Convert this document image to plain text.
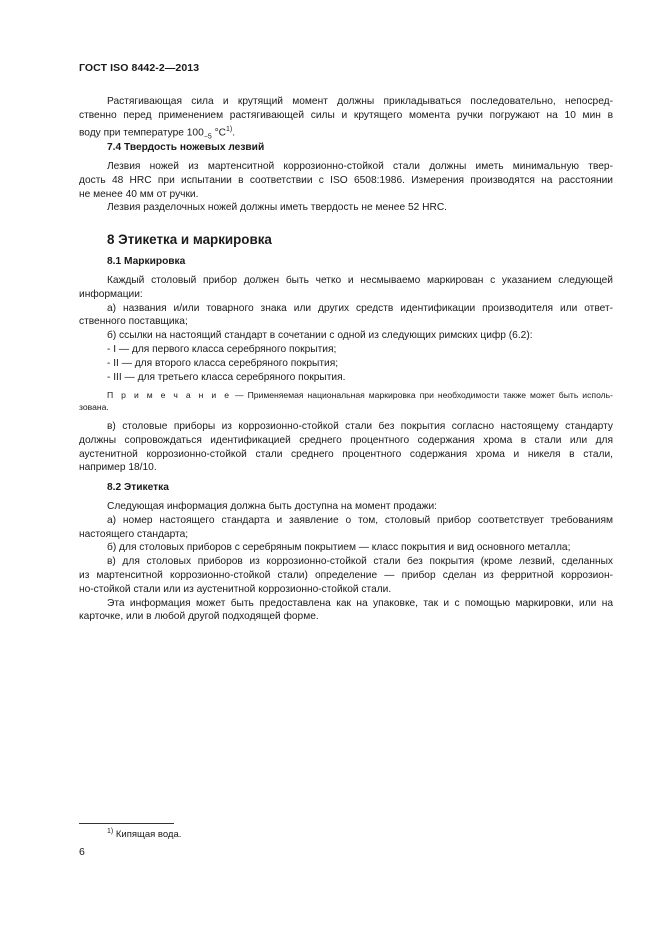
ГОСТ ISO 8442-2—2013

Растягивающая сила и крутящий момент должны прикладываться последовательно, непосред-

ственно перед применением растягивающей силы и крутящего момента ручки погружают на 10 мин в

воду при температуре $100_{-5}$ $^\circ С^{1)}$.

7.4 Твердость ножевых лезвий

Лезвия ножей из мартенситной коррозионно-стойкой стали должны иметь минимальную твер-

дость 48 HRC при испытании в соответствии с ISO 6508:1986. Измерения производятся на расстоянии

не менее 40 мм от ручки.

Лезвия разделочных ножей должны иметь твердость не менее 52 HRC.

8 Этикетка и маркировка
8.1 Маркировка

Каждый столовый прибор должен быть четко и несмываемо маркирован с указанием следующей

информации:

а) названия и/или товарного знака или других средств идентификации производителя или ответ-

ственного поставщика;

б) ссылки на настоящий стандарт в сочетании с одной из следующих римских цифр (6.2):

- I — для первого класса серебряного покрытия;

- II — для второго класса серебряного покрытия;

- III — для третьего класса серебряного покрытия.

П р и м е ч а н и е — Применяемая национальная маркировка при необходимости также может быть исполь-

зована.

в) столовые приборы из коррозионно-стойкой стали без покрытия согласно настоящему стандарту

должны сопровождаться идентификацией среднего процентного содержания хрома в стали или для

аустенитной коррозионно-стойкой стали среднего процентного содержания хрома и никеля в стали,

например 18/10.

8.2 Этикетка

Следующая информация должна быть доступна на момент продажи:

а) номер настоящего стандарта и заявление о том, столовый прибор соответствует требованиям

настоящего стандарта;

б) для столовых приборов с серебряным покрытием — класс покрытия и вид основного металла;

в) для столовых приборов из коррозионно-стойкой стали без покрытия (кроме лезвий, сделанных

из мартенситной коррозионно-стойкой стали) определение — прибор сделан из ферритной коррозион-

но-стойкой стали или из аустенитной коррозионно-стойкой стали.

Эта информация может быть предоставлена как на упаковке, так и с помощью маркировки, или на

карточке, или в любой другой подходящей форме.

$^{1)}$ Кипящая вода.
6
